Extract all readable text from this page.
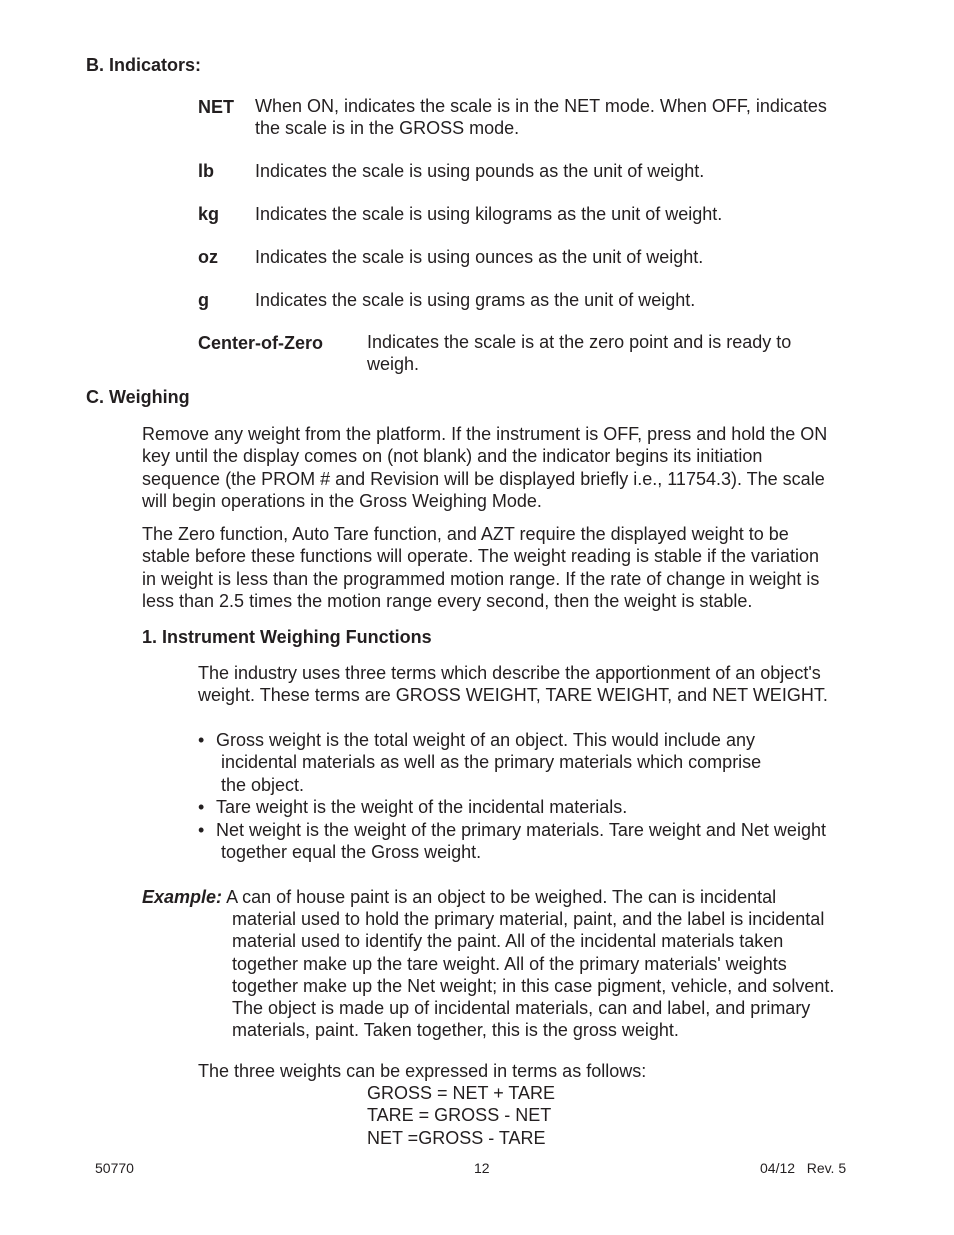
B. Indicators:
NET When ON, indicates the scale is in the NET mode. When OFF, indicates
the scale is in the GROSS mode.
lb Indicates the scale is using pounds as the unit of weight.
kg Indicates the scale is using kilograms as the unit of weight.
oz Indicates the scale is using ounces as the unit of weight.
g	Indicates the scale is using grams as the unit of weight.
Center-of-Zero Indicates the scale is at the zero point and is ready to
weigh.
C. Weighing
Remove any weight from the platform. If the instrument is OFF, press and hold the ON
key until the display comes on (not blank) and the indicator begins its initiation
sequence (the PROM # and Revision will be displayed briefly i.e., 11754.3). The scale
will begin operations in the Gross Weighing Mode.
The Zero function, Auto Tare function, and AZT require the displayed weight to be
stable before these functions will operate. The weight reading is stable if the variation
in weight is less than the programmed motion range. If the rate of change in weight is
less than 2.5 times the motion range every second, then the weight is stable.
1. Instrument Weighing Functions
The industry uses three terms which describe the apportionment of an object's
weight. These terms are GROSS WEIGHT, TARE WEIGHT, and NET WEIGHT.
• Gross weight is the total weight of an object. This would include any
incidental materials as well as the primary materials which comprise
the object.
• Tare weight is the weight of the incidental materials.
• Net weight is the weight of the primary materials. Tare weight and Net weight
together equal the Gross weight.
Example: A can of house paint is an object to be weighed. The can is incidental
material used to hold the primary material, paint, and the label is incidental
material used to identify the paint. All of the incidental materials taken
together make up the tare weight. All of the primary materials' weights
together make up the Net weight; in this case pigment, vehicle, and solvent.
The object is made up of incidental materials, can and label, and primary
materials, paint. Taken together, this is the gross weight.
The three weights can be expressed in terms as follows:
GROSS = NET + TARE
TARE = GROSS - NET
NET =GROSS - TARE
50770	12	04/12   Rev. 5
